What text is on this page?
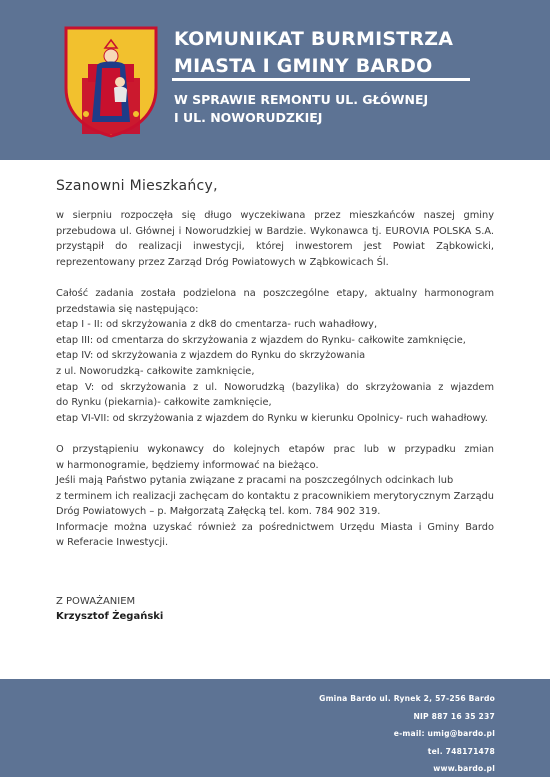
KOMUNIKAT BURMISTRZA
MIASTA I GMINY BARDO
W SPRAWIE REMONTU UL. GŁÓWNEJ
I UL. NOWORUDZKIEJ
Szanowni Mieszkańcy,
w sierpniu rozpoczęła się długo wyczekiwana przez mieszkańców naszej gminy
przebudowa ul. Głównej i Noworudzkiej w Bardzie. Wykonawca tj. EUROVIA POLSKA S.A.
przystąpił do realizacji inwestycji, której inwestorem jest Powiat Ząbkowicki,
reprezentowany przez Zarząd Dróg Powiatowych w Ząbkowicach Śl.
Całość zadania została podzielona na poszczególne etapy, aktualny harmonogram
przedstawia się następująco:
etap I - II: od skrzyżowania z dk8 do cmentarza- ruch wahadłowy,
etap III: od cmentarza do skrzyżowania z wjazdem do Rynku- całkowite zamknięcie,
etap IV: od skrzyżowania z wjazdem do Rynku do skrzyżowania
z ul. Noworudzką- całkowite zamknięcie,
etap V: od skrzyżowania z ul. Noworudzką (bazylika) do skrzyżowania z wjazdem
do Rynku (piekarnia)- całkowite zamknięcie,
etap VI-VII: od skrzyżowania z wjazdem do Rynku w kierunku Opolnicy- ruch wahadłowy.
O przystąpieniu wykonawcy do kolejnych etapów prac lub w przypadku zmian
w harmonogramie, będziemy informować na bieżąco.
Jeśli mają Państwo pytania związane z pracami na poszczególnych odcinkach lub
z terminem ich realizacji zachęcam do kontaktu z pracownikiem merytorycznym Zarządu
Dróg Powiatowych – p. Małgorzatą Załęcką tel. kom. 784 902 319.
Informacje można uzyskać również za pośrednictwem Urzędu Miasta i Gminy Bardo
w Referacie Inwestycji.
Z POWAŻANIEM
Krzysztof Żegański
Gmina Bardo ul. Rynek 2, 57-256 Bardo
NIP 887 16 35 237
e-mail: umig@bardo.pl
tel. 748171478
www.bardo.pl
